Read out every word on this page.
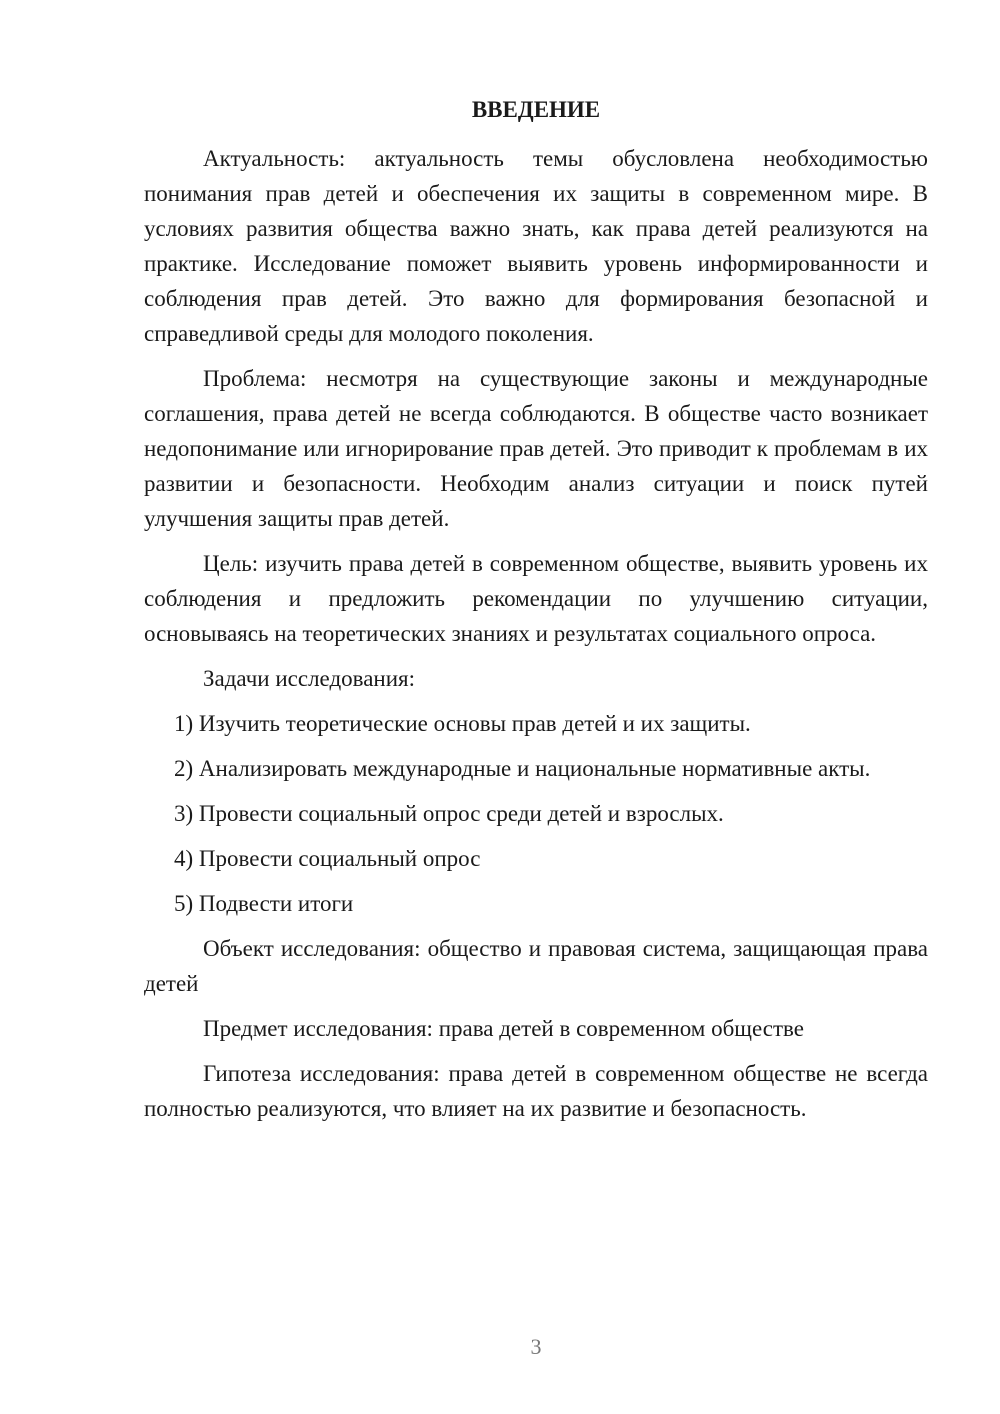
ВВЕДЕНИЕ

Актуальность: актуальность темы обусловлена необходимостью понимания прав детей и обеспечения их защиты в современном мире. В условиях развития общества важно знать, как права детей реализуются на практике. Исследование поможет выявить уровень информированности и соблюдения прав детей. Это важно для формирования безопасной и справедливой среды для молодого поколения.

Проблема: несмотря на существующие законы и международные соглашения, права детей не всегда соблюдаются. В обществе часто возникает недопонимание или игнорирование прав детей. Это приводит к проблемам в их развитии и безопасности. Необходим анализ ситуации и поиск путей улучшения защиты прав детей.

Цель: изучить права детей в современном обществе, выявить уровень их соблюдения и предложить рекомендации по улучшению ситуации, основываясь на теоретических знаниях и результатах социального опроса.

Задачи исследования:

1) Изучить теоретические основы прав детей и их защиты.

2) Анализировать международные и национальные нормативные акты.

3) Провести социальный опрос среди детей и взрослых.

4) Провести социальный опрос

5) Подвести итоги

Объект исследования: общество и правовая система, защищающая права детей

Предмет исследования: права детей в современном обществе

Гипотеза исследования: права детей в современном обществе не всегда полностью реализуются, что влияет на их развитие и безопасность.

3
